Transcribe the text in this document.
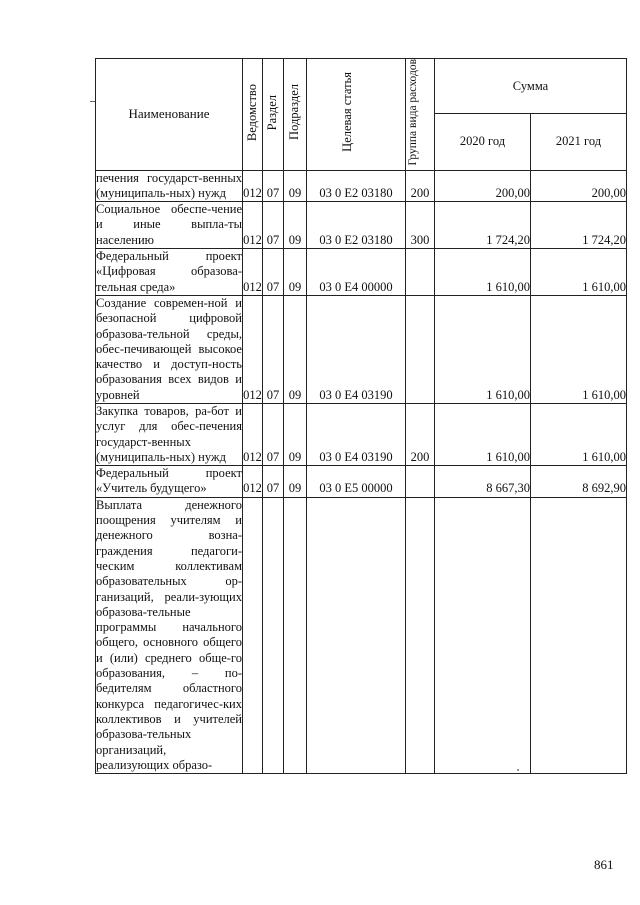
Наименование	Ведомство	Раздел	Подраздел	Целевая статья	Группа вида расходов	Сумма	
						2020 год	2021 год
печения государст-венных (муниципаль-ных) нужд	012	07	09	03 0 E2 03180	200	200,00	200,00
Социальное обеспе-чение и иные выпла-ты населению	012	07	09	03 0 E2 03180	300	1 724,20	1 724,20
Федеральный проект «Цифровая образова-тельная среда»	012	07	09	03 0 E4 00000		1 610,00	1 610,00
Создание современ-ной и безопасной цифровой образова-тельной среды, обес-печивающей высокое качество и доступ-ность образования всех видов и уровней	012	07	09	03 0 E4 03190		1 610,00	1 610,00
Закупка товаров, ра-бот и услуг для обес-печения государст-венных (муниципаль-ных) нужд	012	07	09	03 0 E4 03190	200	1 610,00	1 610,00
Федеральный проект «Учитель будущего»	012	07	09	03 0 E5 00000		8 667,30	8 692,90
Выплата денежного поощрения учителям и денежного возна-граждения педагоги-ческим коллективам образовательных ор-ганизаций, реали-зующих образова-тельные программы начального общего, основного общего и (или) среднего обще-го образования, – по-бедителям областного конкурса педагогичес-ких коллективов и учителей образова-тельных организаций, реализующих образо-							
861
